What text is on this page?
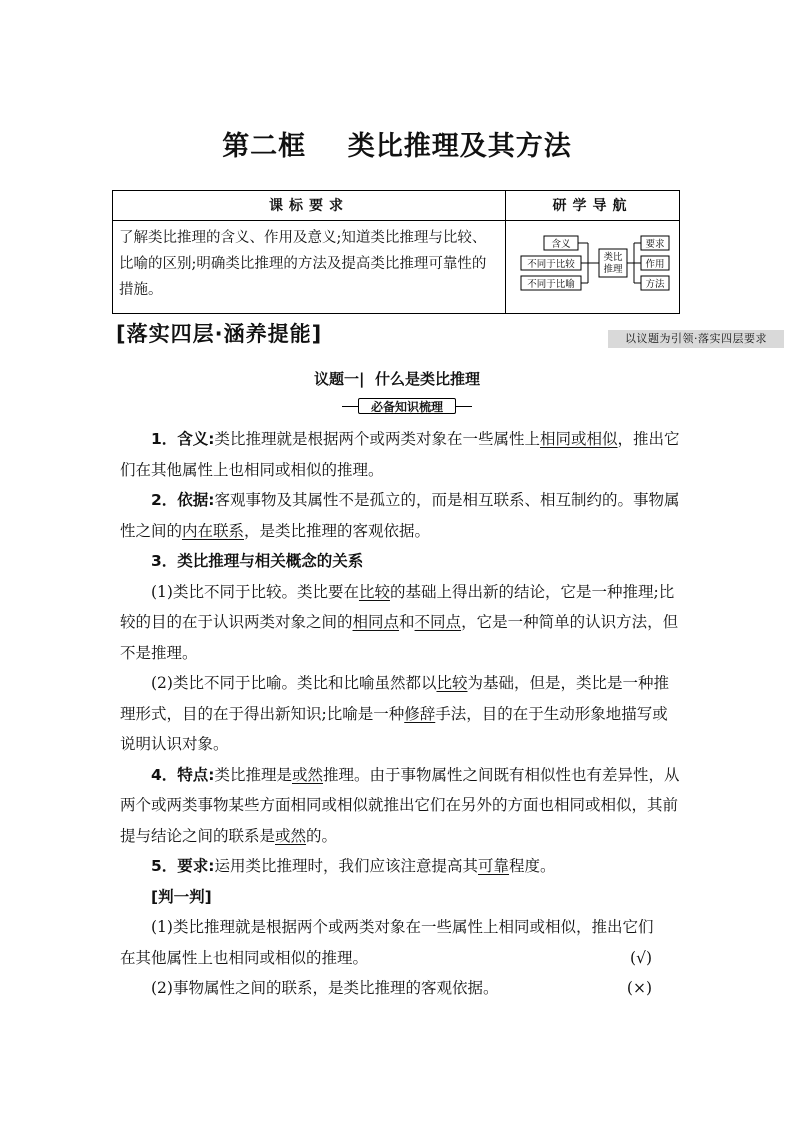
第二框    类比推理及其方法
课标要求	研学导航
了解类比推理的含义、作用及意义;知道类比推理与比较、比喻的区别;明确类比推理的方法及提高类比推理可靠性的措施。
含义
不同于比较
不同于比喻
类比
推理
要求
作用
方法
[落实四层·涵养提能]	以议题为引领·落实四层要求
议题一|  什么是类比推理
必备知识梳理

1．含义:类比推理就是根据两个或两类对象在一些属性上相同或相似，推出它们在其他属性上也相同或相似的推理。

2．依据:客观事物及其属性不是孤立的，而是相互联系、相互制约的。事物属性之间的内在联系，是类比推理的客观依据。

3．类比推理与相关概念的关系

(1)类比不同于比较。类比要在比较的基础上得出新的结论，它是一种推理;比较的目的在于认识两类对象之间的相同点和不同点，它是一种简单的认识方法，但不是推理。

(2)类比不同于比喻。类比和比喻虽然都以比较为基础，但是，类比是一种推理形式，目的在于得出新知识;比喻是一种修辞手法，目的在于生动形象地描写或说明认识对象。

4．特点:类比推理是或然推理。由于事物属性之间既有相似性也有差异性，从两个或两类事物某些方面相同或相似就推出它们在另外的方面也相同或相似，其前提与结论之间的联系是或然的。

5．要求:运用类比推理时，我们应该注意提高其可靠程度。

[判一判]

(1)类比推理就是根据两个或两类对象在一些属性上相同或相似，推出它们

在其他属性上也相同或相似的推理。	(√)

(2)事物属性之间的联系，是类比推理的客观依据。	(×)
